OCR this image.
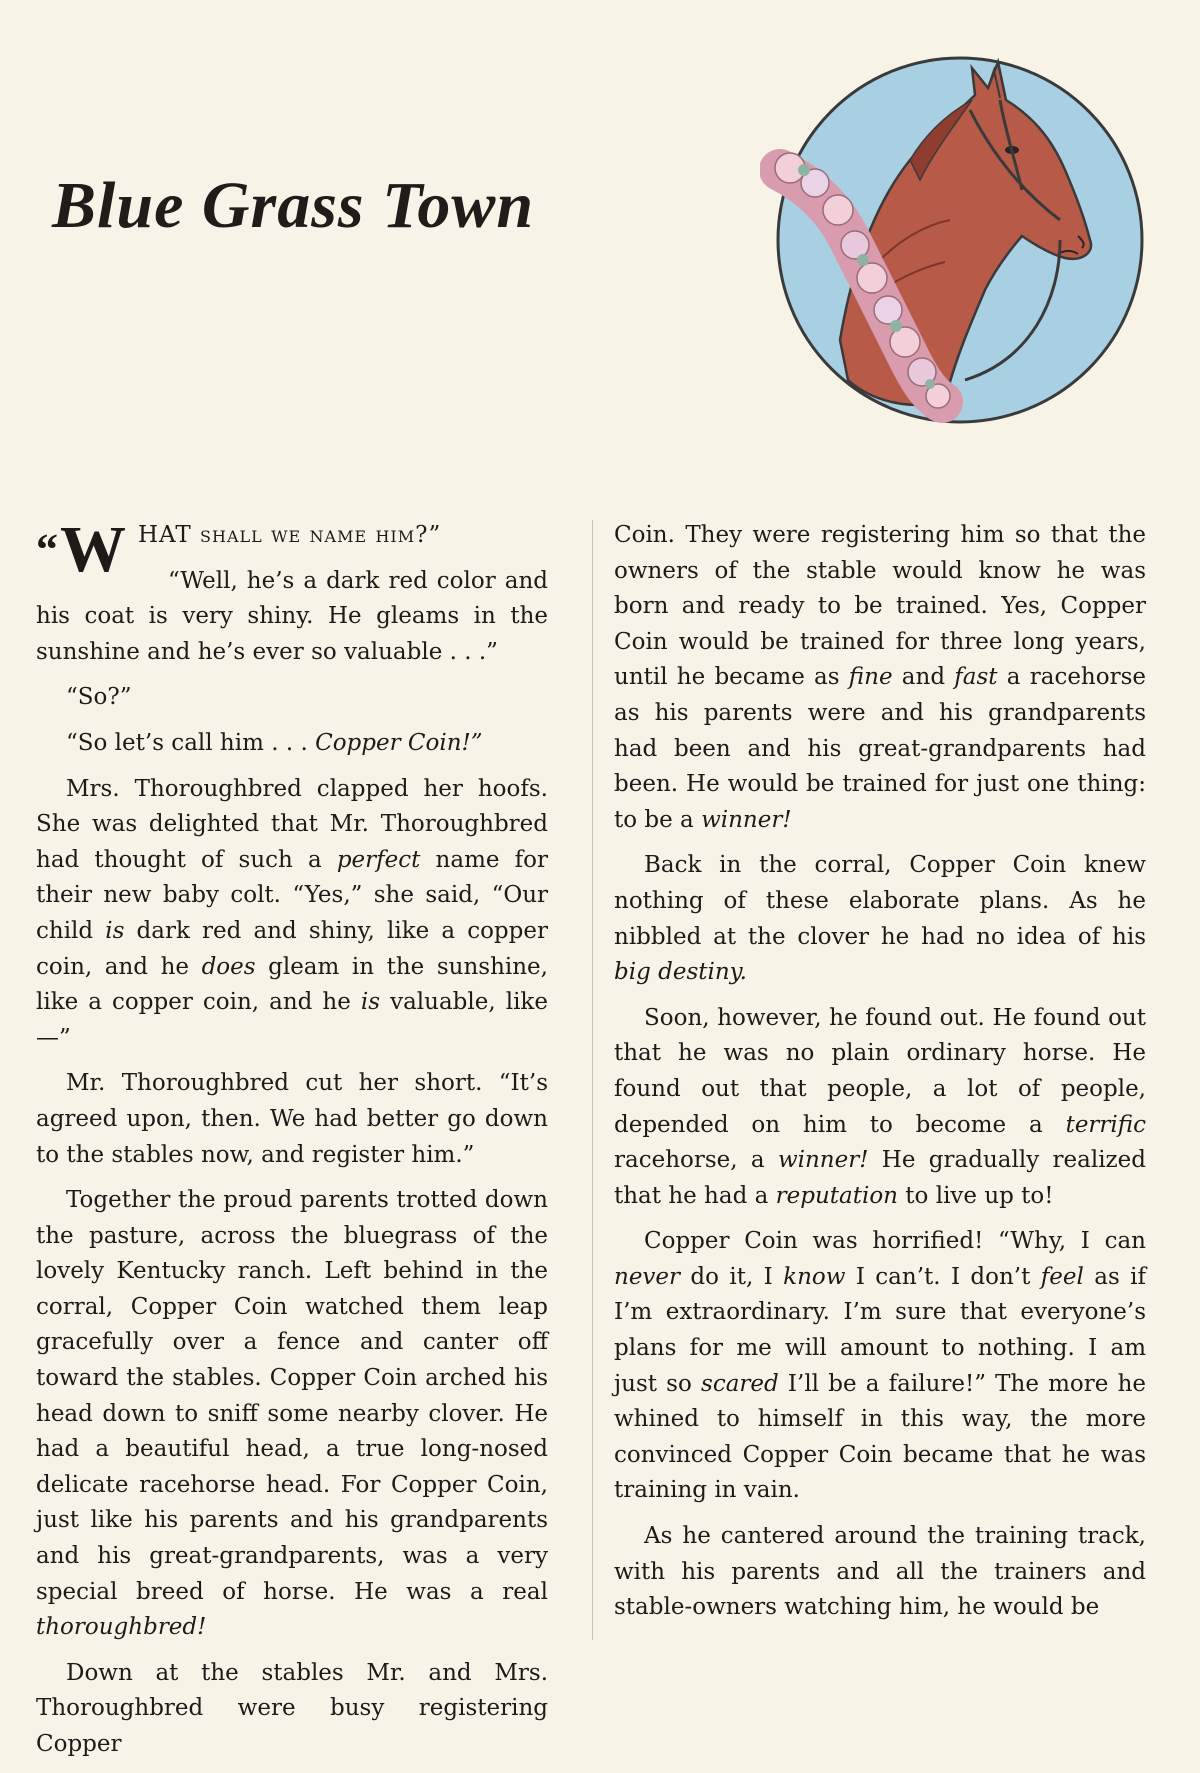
Blue Grass Town

“W HAT shall we name him?”

“Well, he’s a dark red color and his coat is very shiny. He gleams in the sunshine and he’s ever so valuable . . .”

“So?”

“So let’s call him . . . Copper Coin!”

Mrs. Thoroughbred clapped her hoofs. She was delighted that Mr. Thoroughbred had thought of such a perfect name for their new baby colt. “Yes,” she said, “Our child is dark red and shiny, like a copper coin, and he does gleam in the sunshine, like a copper coin, and he is valuable, like—”

Mr. Thoroughbred cut her short. “It’s agreed upon, then. We had better go down to the stables now, and register him.”

Together the proud parents trotted down the pasture, across the bluegrass of the lovely Kentucky ranch. Left behind in the corral, Copper Coin watched them leap gracefully over a fence and canter off toward the stables. Copper Coin arched his head down to sniff some nearby clover. He had a beautiful head, a true long-nosed delicate racehorse head. For Copper Coin, just like his parents and his grandparents and his great-grandparents, was a very special breed of horse. He was a real thoroughbred!

Down at the stables Mr. and Mrs. Thoroughbred were busy registering Copper

Coin. They were registering him so that the owners of the stable would know he was born and ready to be trained. Yes, Copper Coin would be trained for three long years, until he became as fine and fast a racehorse as his parents were and his grandparents had been and his great-grandparents had been. He would be trained for just one thing: to be a winner!

Back in the corral, Copper Coin knew nothing of these elaborate plans. As he nibbled at the clover he had no idea of his big destiny.

Soon, however, he found out. He found out that he was no plain ordinary horse. He found out that people, a lot of people, depended on him to become a terrific racehorse, a winner! He gradually realized that he had a reputation to live up to!

Copper Coin was horrified! “Why, I can never do it, I know I can’t. I don’t feel as if I’m extraordinary. I’m sure that everyone’s plans for me will amount to nothing. I am just so scared I’ll be a failure!” The more he whined to himself in this way, the more convinced Copper Coin became that he was training in vain.

As he cantered around the training track, with his parents and all the trainers and stable-owners watching him, he would be
